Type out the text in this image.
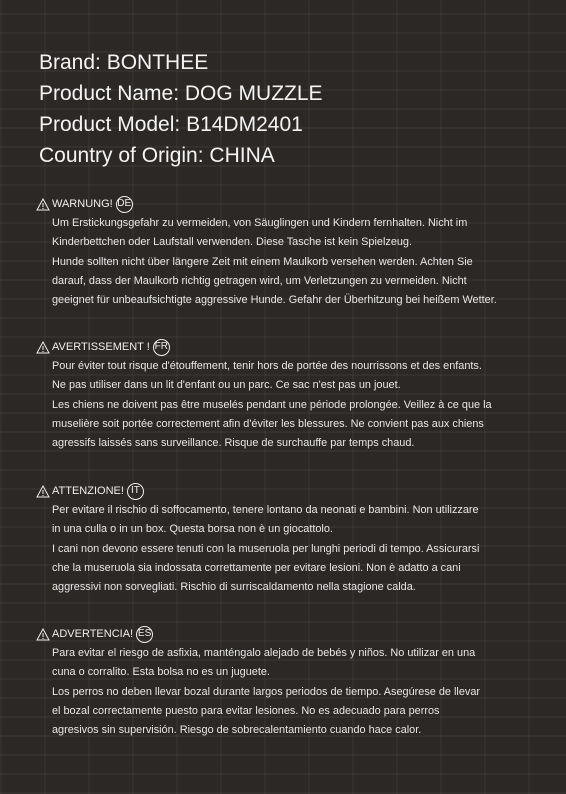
Brand: BONTHEE
Product Name: DOG MUZZLE
Product Model: B14DM2401
Country of Origin: CHINA
WARNUNG! DE

Um Erstickungsgefahr zu vermeiden, von Säuglingen und Kindern fernhalten. Nicht im
Kinderbettchen oder Laufstall verwenden. Diese Tasche ist kein Spielzeug.
Hunde sollten nicht über längere Zeit mit einem Maulkorb versehen werden. Achten Sie
darauf, dass der Maulkorb richtig getragen wird, um Verletzungen zu vermeiden. Nicht
geeignet für unbeaufsichtigte aggressive Hunde. Gefahr der Überhitzung bei heißem Wetter.

AVERTISSEMENT ! FR

Pour éviter tout risque d'étouffement, tenir hors de portée des nourrissons et des enfants.
Ne pas utiliser dans un lit d'enfant ou un parc. Ce sac n'est pas un jouet.
Les chiens ne doivent pas être muselés pendant une période prolongée. Veillez à ce que la
muselière soit portée correctement afin d'éviter les blessures. Ne convient pas aux chiens
agressifs laissés sans surveillance. Risque de surchauffe par temps chaud.

ATTENZIONE! IT

Per evitare il rischio di soffocamento, tenere lontano da neonati e bambini. Non utilizzare
in una culla o in un box. Questa borsa non è un giocattolo.
I cani non devono essere tenuti con la museruola per lunghi periodi di tempo. Assicurarsi
che la museruola sia indossata correttamente per evitare lesioni. Non è adatto a cani
aggressivi non sorvegliati. Rischio di surriscaldamento nella stagione calda.

ADVERTENCIA! ES

Para evitar el riesgo de asfixia, manténgalo alejado de bebés y niños. No utilizar en una
cuna o corralito. Esta bolsa no es un juguete.
Los perros no deben llevar bozal durante largos periodos de tiempo. Asegúrese de llevar
el bozal correctamente puesto para evitar lesiones. No es adecuado para perros
agresivos sin supervisión. Riesgo de sobrecalentamiento cuando hace calor.
